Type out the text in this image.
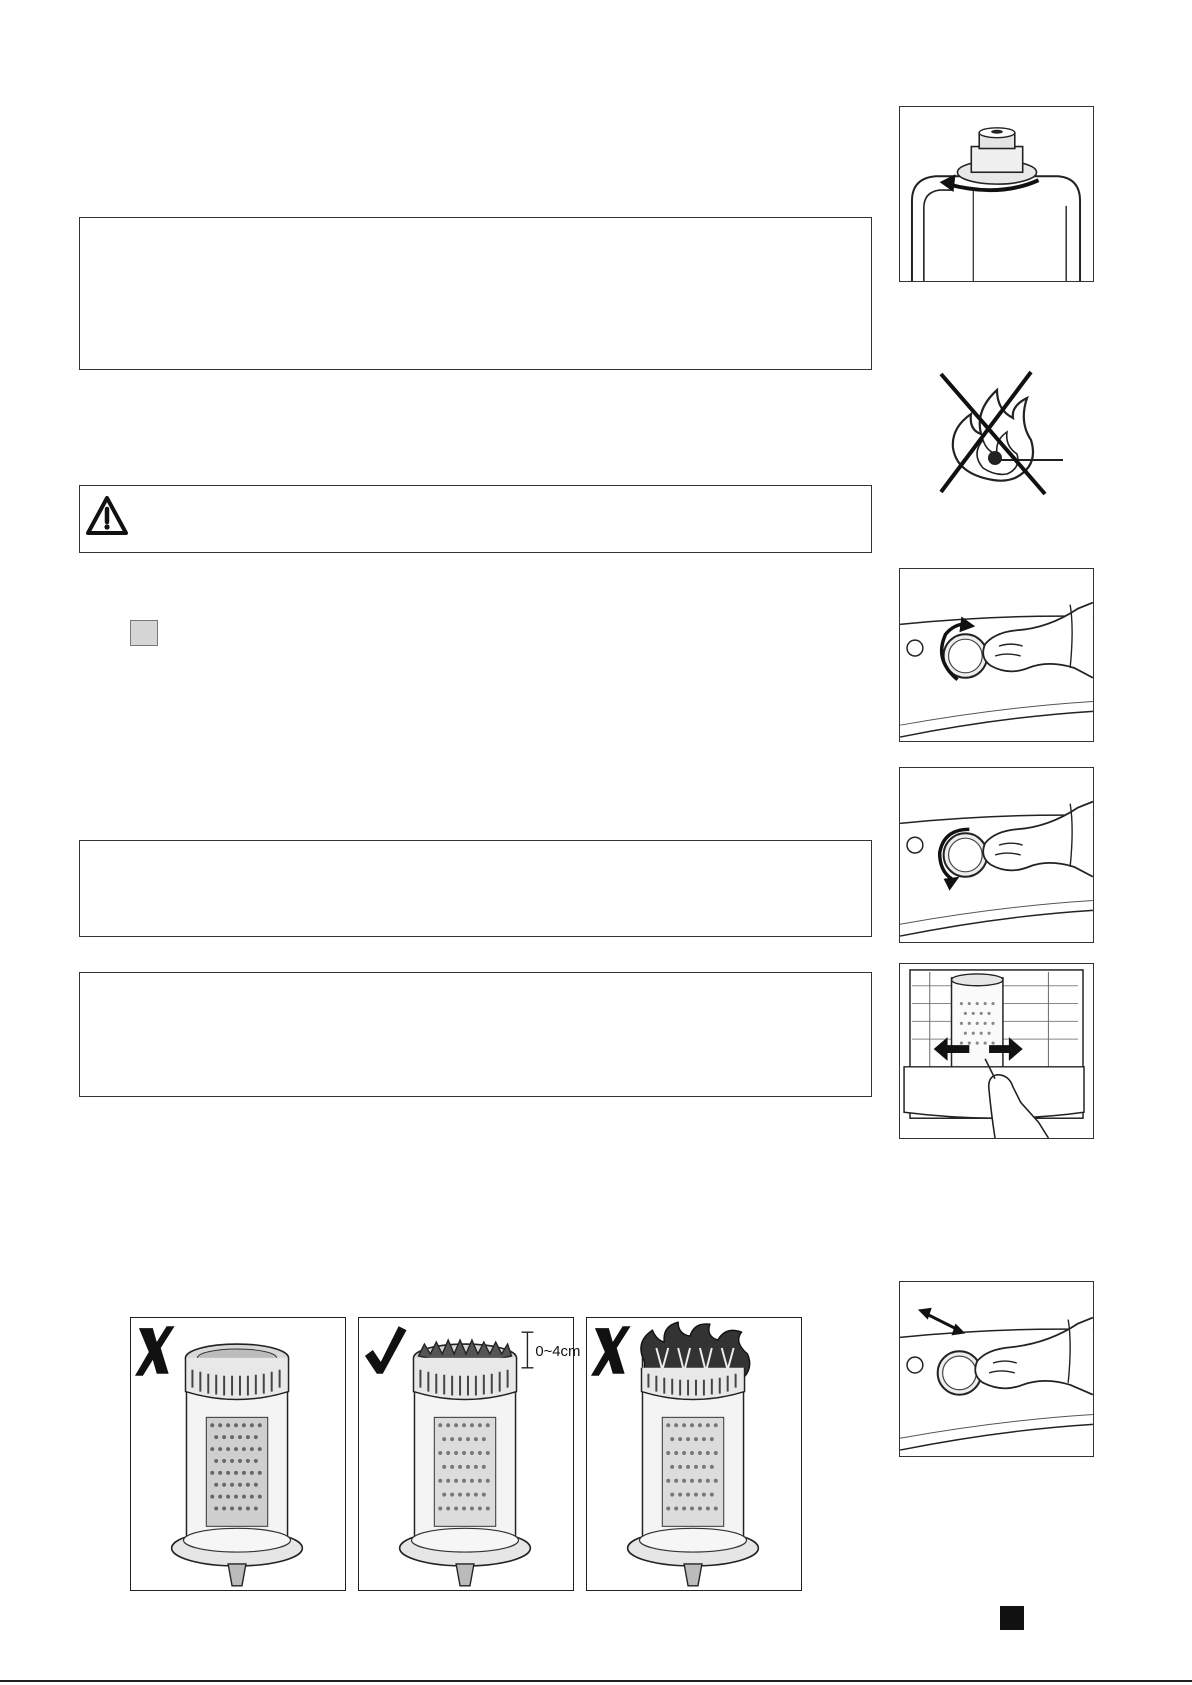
0~4cm
